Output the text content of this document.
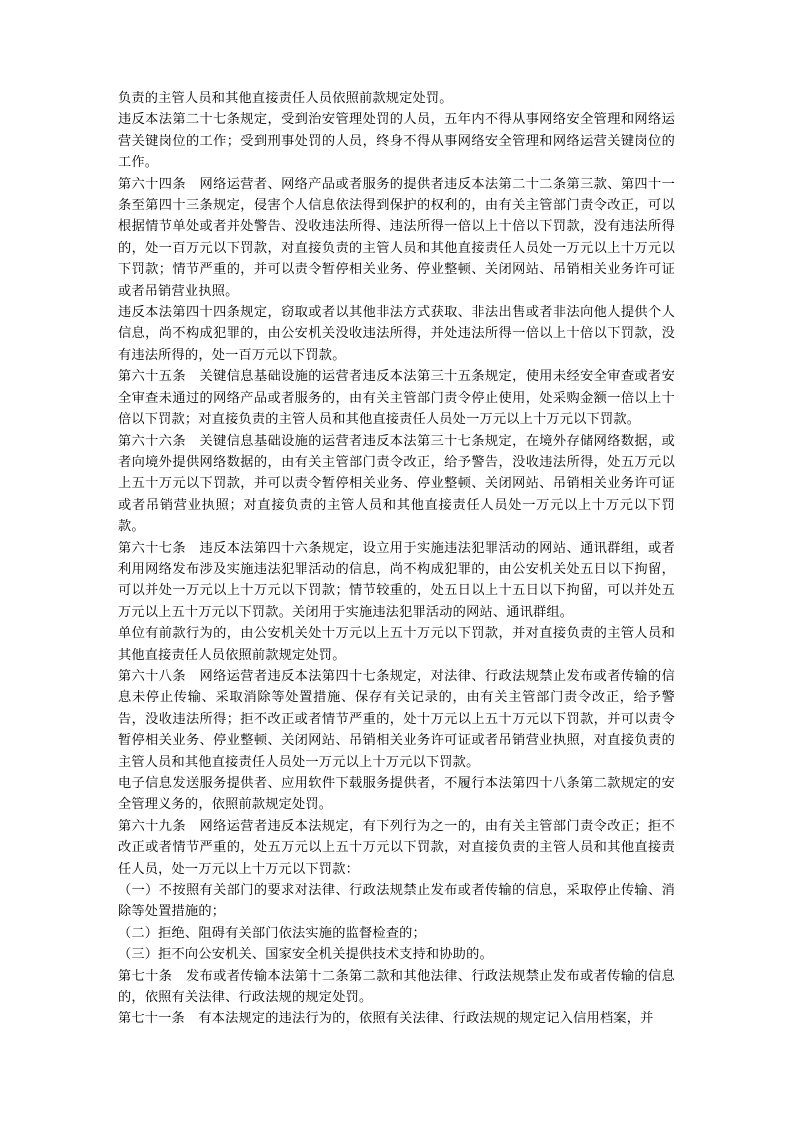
负责的主管人员和其他直接责任人员依照前款规定处罚。

违反本法第二十七条规定，受到治安管理处罚的人员，五年内不得从事网络安全管理和网络运营关键岗位的工作；受到刑事处罚的人员，终身不得从事网络安全管理和网络运营关键岗位的工作。

第六十四条　网络运营者、网络产品或者服务的提供者违反本法第二十二条第三款、第四十一条至第四十三条规定，侵害个人信息依法得到保护的权利的，由有关主管部门责令改正，可以根据情节单处或者并处警告、没收违法所得、违法所得一倍以上十倍以下罚款，没有违法所得的，处一百万元以下罚款，对直接负责的主管人员和其他直接责任人员处一万元以上十万元以下罚款；情节严重的，并可以责令暂停相关业务、停业整顿、关闭网站、吊销相关业务许可证或者吊销营业执照。

违反本法第四十四条规定，窃取或者以其他非法方式获取、非法出售或者非法向他人提供个人信息，尚不构成犯罪的，由公安机关没收违法所得，并处违法所得一倍以上十倍以下罚款，没有违法所得的，处一百万元以下罚款。

第六十五条　关键信息基础设施的运营者违反本法第三十五条规定，使用未经安全审查或者安全审查未通过的网络产品或者服务的，由有关主管部门责令停止使用，处采购金额一倍以上十倍以下罚款；对直接负责的主管人员和其他直接责任人员处一万元以上十万元以下罚款。

第六十六条　关键信息基础设施的运营者违反本法第三十七条规定，在境外存储网络数据，或者向境外提供网络数据的，由有关主管部门责令改正，给予警告，没收违法所得，处五万元以上五十万元以下罚款，并可以责令暂停相关业务、停业整顿、关闭网站、吊销相关业务许可证或者吊销营业执照；对直接负责的主管人员和其他直接责任人员处一万元以上十万元以下罚款。

第六十七条　违反本法第四十六条规定，设立用于实施违法犯罪活动的网站、通讯群组，或者利用网络发布涉及实施违法犯罪活动的信息，尚不构成犯罪的，由公安机关处五日以下拘留，可以并处一万元以上十万元以下罚款；情节较重的，处五日以上十五日以下拘留，可以并处五万元以上五十万元以下罚款。关闭用于实施违法犯罪活动的网站、通讯群组。

单位有前款行为的，由公安机关处十万元以上五十万元以下罚款，并对直接负责的主管人员和其他直接责任人员依照前款规定处罚。

第六十八条　网络运营者违反本法第四十七条规定，对法律、行政法规禁止发布或者传输的信息未停止传输、采取消除等处置措施、保存有关记录的，由有关主管部门责令改正，给予警告，没收违法所得；拒不改正或者情节严重的，处十万元以上五十万元以下罚款，并可以责令暂停相关业务、停业整顿、关闭网站、吊销相关业务许可证或者吊销营业执照，对直接负责的主管人员和其他直接责任人员处一万元以上十万元以下罚款。

电子信息发送服务提供者、应用软件下载服务提供者，不履行本法第四十八条第二款规定的安全管理义务的，依照前款规定处罚。

第六十九条　网络运营者违反本法规定，有下列行为之一的，由有关主管部门责令改正；拒不改正或者情节严重的，处五万元以上五十万元以下罚款，对直接负责的主管人员和其他直接责任人员，处一万元以上十万元以下罚款：

（一）不按照有关部门的要求对法律、行政法规禁止发布或者传输的信息，采取停止传输、消除等处置措施的；

（二）拒绝、阻碍有关部门依法实施的监督检查的；

（三）拒不向公安机关、国家安全机关提供技术支持和协助的。

第七十条　发布或者传输本法第十二条第二款和其他法律、行政法规禁止发布或者传输的信息的，依照有关法律、行政法规的规定处罚。

第七十一条　有本法规定的违法行为的，依照有关法律、行政法规的规定记入信用档案，并
